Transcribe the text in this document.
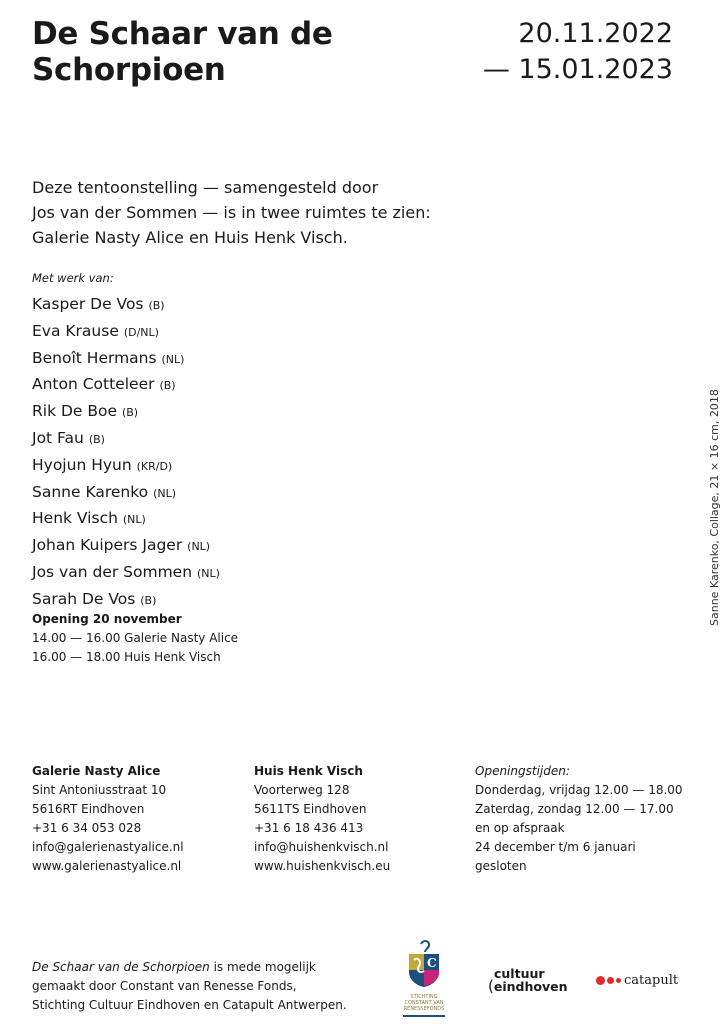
De Schaar van de
Schorpioen
20.11.2022
— 15.01.2023
Deze tentoonstelling — samengesteld door
Jos van der Sommen — is in twee ruimtes te zien:
Galerie Nasty Alice en Huis Henk Visch.
Met werk van:
Kasper De Vos (B)
Eva Krause (D/NL)
Benoît Hermans (NL)
Anton Cotteleer (B)
Rik De Boe (B)
Jot Fau (B)
Hyojun Hyun (KR/D)
Sanne Karenko (NL)
Henk Visch (NL)
Johan Kuipers Jager (NL)
Jos van der Sommen (NL)
Sarah De Vos (B)
Opening 20 november
14.00 — 16.00 Galerie Nasty Alice
16.00 — 18.00 Huis Henk Visch
Sanne Karenko, Collage, 21 × 16 cm, 2018
Galerie Nasty Alice
Sint Antoniusstraat 10
5616RT Eindhoven
+31 6 34 053 028
info@galerienastyalice.nl
www.galerienastyalice.nl
Huis Henk Visch
Voorterweg 128
5611TS Eindhoven
+31 6 18 436 413
info@huishenkvisch.nl
www.huishenkvisch.eu
Openingstijden:
Donderdag, vrijdag 12.00 — 18.00
Zaterdag, zondag 12.00 — 17.00
en op afspraak
24 december t/m 6 januari
gesloten
De Schaar van de Schorpioen is mede mogelijk
gemaakt door Constant van Renesse Fonds,
Stichting Cultuur Eindhoven en Catapult Antwerpen.
C
STICHTING
CONSTANT VAN
RENESSEFONDS
cultuur
(eindhoven	catapult
